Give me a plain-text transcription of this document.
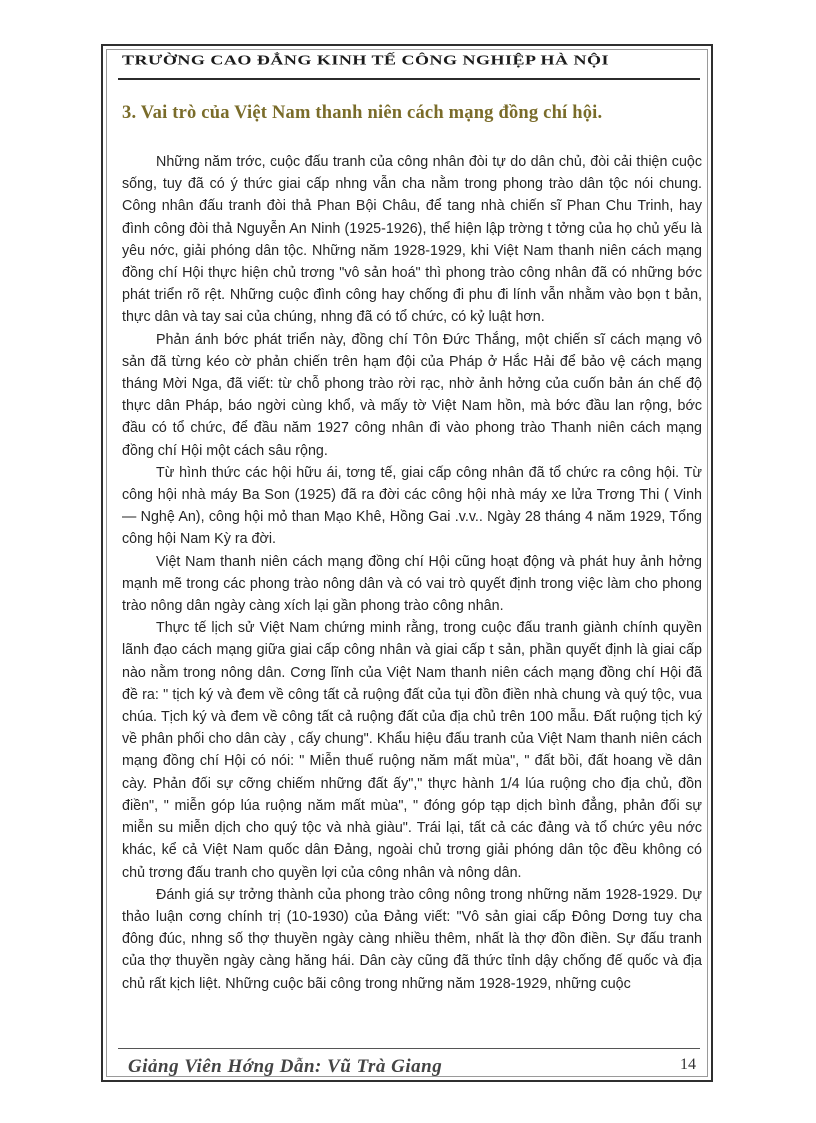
TRƯỜNG CAO ĐẲNG KINH TẾ CÔNG NGHIỆP HÀ NỘI
3. Vai trò của Việt Nam thanh niên cách mạng đồng chí hội.

Những năm trớc, cuộc đấu tranh của công nhân đòi tự do dân chủ, đòi cải thiện cuộc sống, tuy đã có ý thức giai cấp nhng vẫn cha nằm trong phong trào dân tộc nói chung. Công nhân đấu tranh đòi thả Phan Bội Châu, để tang nhà chiến sĩ Phan Chu Trinh, hay đình công đòi thả Nguyễn An Ninh (1925-1926), thể hiện lập trờng t tởng của họ chủ yếu là yêu nớc, giải phóng dân tộc. Những năm 1928-1929, khi Việt Nam thanh niên cách mạng đồng chí Hội thực hiện chủ trơng "vô sản hoá" thì phong trào công nhân đã có những bớc phát triển rõ rệt. Những cuộc đình công hay chống đi phu đi lính vẫn nhằm vào bọn t bản, thực dân và tay sai của chúng, nhng đã có tổ chức, có kỷ luật hơn.

Phản ánh bớc phát triển này, đồng chí Tôn Đức Thắng, một chiến sĩ cách mạng vô sản đã từng kéo cờ phản chiến trên hạm đội của Pháp ở Hắc Hải để bảo vệ cách mạng tháng Mời Nga, đã viết: từ chỗ phong trào rời rạc, nhờ ảnh hởng của cuốn bản án chế độ thực dân Pháp, báo ngời cùng khổ, và mấy tờ Việt Nam hồn, mà bớc đầu lan rộng, bớc đầu có tổ chức, để đầu năm 1927 công nhân đi vào phong trào Thanh niên cách mạng đồng chí Hội một cách sâu rộng.

Từ hình thức các hội hữu ái, tơng tế, giai cấp công nhân đã tổ chức ra công hội. Từ công hội nhà máy Ba Son (1925) đã ra đời các công hội nhà máy xe lửa Trơng Thi ( Vinh — Nghệ An), công hội mỏ than Mạo Khê, Hồng Gai .v.v.. Ngày 28 tháng 4 năm 1929, Tổng công hội Nam Kỳ ra đời.

Việt Nam thanh niên cách mạng đồng chí Hội cũng hoạt động và phát huy ảnh hởng mạnh mẽ trong các phong trào nông dân và có vai trò quyết định trong việc làm cho phong trào nông dân ngày càng xích lại gần phong trào công nhân.

Thực tế lịch sử Việt Nam chứng minh rằng, trong cuộc đấu tranh giành chính quyền lãnh đạo cách mạng giữa giai cấp công nhân và giai cấp t sản, phần quyết định là giai cấp nào nằm trong nông dân. Cơng lĩnh của Việt Nam thanh niên cách mạng đồng chí Hội đã đề ra: " tịch ký và đem về công tất cả ruộng đất của tụi đồn điền nhà chung và quý tộc, vua chúa. Tịch ký và đem về công tất cả ruộng đất của địa chủ trên 100 mẫu. Đất ruộng tịch ký về phân phối cho dân cày , cấy chung". Khẩu hiệu đấu tranh của Việt Nam thanh niên cách mạng đồng chí Hội có nói: " Miễn thuế ruộng năm mất mùa", " đất bồi, đất hoang về dân cày. Phản đối sự cỡng chiếm những đất ấy"," thực hành 1/4 lúa ruộng cho địa chủ, đồn điền", " miễn góp lúa ruộng năm mất mùa", " đóng góp tạp dịch bình đẳng, phản đối sự miễn su miễn dịch cho quý tộc và nhà giàu". Trái lại, tất cả các đảng và tổ chức yêu nớc khác, kể cả Việt Nam quốc dân Đảng, ngoài chủ trơng giải phóng dân tộc đều không có chủ trơng đấu tranh cho quyền lợi của công nhân và nông dân.

Đánh giá sự trởng thành của phong trào công nông trong những năm 1928-1929. Dự thảo luận cơng chính trị (10-1930) của Đảng viết: "Vô sản giai cấp Đông Dơng tuy cha đông đúc, nhng số thợ thuyền ngày càng nhiều thêm, nhất là thợ đồn điền. Sự đấu tranh của thợ thuyền ngày càng hăng hái. Dân cày cũng đã thức tỉnh dậy chống đế quốc và địa chủ rất kịch liệt. Những cuộc bãi công trong những năm 1928-1929, những cuộc

Giảng Viên Hớng Dẫn: Vũ Trà Giang	14
